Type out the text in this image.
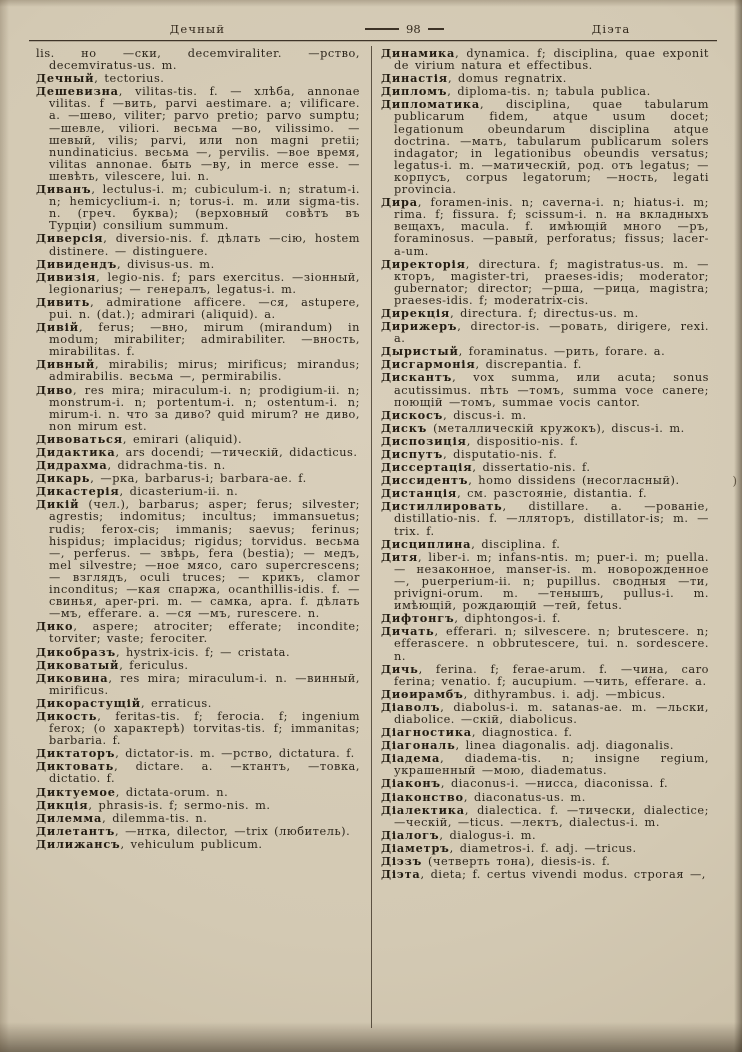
Дечный	98	Діэта

lis. но —ски, decemviraliter. —рство, decemviratus-us. m.

Дечный, tectorius.

Дешевизна, vilitas-tis. f. — хлѣба, annonae vilitas. f —вить, parvi aestimare. a; vilificare. a. —шево, viliter; parvo pretio; parvo sumptu; —шевле, viliori. весьма —во, vilissimo. —шевый, vilis; parvi, или non magni pretii; nundinaticius. весьма —, pervilis. —вое время, vilitas annonae. быть —ву, in merce esse. —шевѣть, vilescere, lui. n.

Диванъ, lectulus-i. m; cubiculum-i. n; stratum-i. n; hemicyclium-i. n; torus-i. m. или sigma-tis. n. (греч. буква); (верховный совѣтъ въ Турціи) consilium summum.

Диверсія, diversio-nis. f. дѣлать —сію, hostem distinere. — distinguere.

Дивидендъ, divisus-us. m.

Дивизія, legio-nis. f; pars exercitus. —зіонный, legionarius; — генералъ, legatus-i. m.

Дивить, admiratione afficere. —ся, astupere, pui. n. (dat.); admirari (aliquid). a.

Дивій, ferus; —вно, mirum (mirandum) in modum; mirabiliter; admirabiliter. —вность, mirabilitas. f.

Дивный, mirabilis; mirus; mirificus; mirandus; admirabilis. весьма —, permirabilis.

Диво, res mira; miraculum-i. n; prodigium-ii. n; monstrum-i. n; portentum-i. n; ostentum-i. n; mirum-i. n. что за диво? quid mirum? не диво, non mirum est.

Дивоваться, emirari (aliquid).

Дидактика, ars docendi; —тическій, didacticus.

Дидрахма, didrachma-tis. n.

Дикарь, —рка, barbarus-i; barbara-ae. f.

Дикастерія, dicasterium-ii. n.

Дикій (чел.), barbarus; asper; ferus; silvester; agrestis; indomitus; incultus; immansuetus; rudis; ferox-cis; immanis; saevus; ferinus; hispidus; implacidus; rigidus; torvidus. весьма —, perferus. — звѣрь, fera (bestia); — медъ, mel silvestre; —ное мясо, caro supercrescens; — взглядъ, oculi truces; — крикъ, clamor inconditus; —кая спаржа, ocanthillis-idis. f. — свинья, aper-pri. m. — самка, apra. f. дѣлать —мъ, efferare. a. —ся —мъ, rurescere. n.

Дико, aspere; atrociter; efferate; incondite; torviter; vaste; ferociter.

Дикобразъ, hystrix-icis. f; — cristata.

Диковатый, fericulus.

Диковина, res mira; miraculum-i. n. —винный, mirificus.

Дикорастущій, erraticus.

Дикость, feritas-tis. f; ferocia. f; ingenium ferox; (о характерѣ) torvitas-tis. f; immanitas; barbaria. f.

Диктаторъ, dictator-is. m. —рство, dictatura. f.

Диктовать, dictare. a. —ктантъ, —товка, dictatio. f.

Диктуемое, dictata-orum. n.

Дикція, phrasis-is. f; sermo-nis. m.

Дилемма, dilemma-tis. n.

Дилетантъ, —нтка, dilector, —trix (любитель).

Дилижансъ, vehiculum publicum.

Динамика, dynamica. f; disciplina, quae exponit de virium natura et effectibus.

Династія, domus regnatrix.

Дипломъ, diploma-tis. n; tabula publica.

Дипломатика, disciplina, quae tabularum publicarum fidem, atque usum docet; legationum obeundarum disciplina atque doctrina. —матъ, tabularum publicarum solers indagator; in legationibus obeundis versatus; legatus-i. m. —матическій, род. отъ legatus; — корпусъ, corpus legatorum; —ность, legati provincia.

Дира, foramen-inis. n; caverna-i. n; hiatus-i. m; rima. f; fissura. f; scissum-i. n. на вкладныхъ вещахъ, macula. f. имѣющій много —ръ, foraminosus. —равый, perforatus; fissus; lacer-a-um.

Директорія, directura. f; magistratus-us. m. —кторъ, magister-tri, praeses-idis; moderator; gubernator; director; —рша, —рица, magistra; praeses-idis. f; moderatrix-cis.

Дирекція, directura. f; directus-us. m.

Дирижеръ, director-is. —ровать, dirigere, rexi. a.

Дыристый, foraminatus. —рить, forare. a.

Дисгармонія, discrepantia. f.

Дискантъ, vox summa, или acuta; sonus acutissimus. пѣть —томъ, summa voce canere; поющій —томъ, summae vocis cantor.

Дискосъ, discus-i. m.

Дискъ (металлическій кружокъ), discus-i. m.

Диспозиція, dispositio-nis. f.

Диспутъ, disputatio-nis. f.

Диссертація, dissertatio-nis. f.

Диссидентъ, homo dissidens (несогласный).

Дистанція, см. разстояніе, distantia. f.

Дистиллировать, distillare. a. —рованіе, distillatio-nis. f. —лляторъ, distillator-is; m. —trix. f.

Дисциплина, disciplina. f.

Дитя, liber-i. m; infans-ntis. m; puer-i. m; puella. — незаконное, manser-is. m. новорожденное —, puerperium-ii. n; pupillus. сводныя —ти, privigni-orum. m. —тенышъ, pullus-i. m. имѣющій, рождающій —тей, fetus.

Дифтонгъ, diphtongos-i. f.

Дичать, efferari. n; silvescere. n; brutescere. n; efferascere. n obbrutescere, tui. n. sordescere. n.

Дичь, ferina. f; ferae-arum. f. —чина, caro ferina; venatio. f; aucupium. —чить, efferare. a.

Диѳирамбъ, dithyrambus. i. adj. —mbicus.

Діаволъ, diabolus-i. m. satanas-ae. m. —льски, diabolice. —скій, diabolicus.

Діагностика, diagnostica. f.

Діагональ, linea diagonalis. adj. diagonalis.

Діадема, diadema-tis. n; insigne regium, украшенный —мою, diadematus.

Діаконъ, diaconus-i. —нисса, diaconissa. f.

Діаконство, diaconatus-us. m.

Діалектика, dialectica. f. —тически, dialectice; —ческій, —ticus. —лектъ, dialectus-i. m.

Діалогъ, dialogus-i. m.

Діаметръ, diametros-i. f. adj. —tricus.

Діэзъ (четверть тона), diesis-is. f.

Діэта, dieta; f. certus vivendi modus. строгая —,

)
